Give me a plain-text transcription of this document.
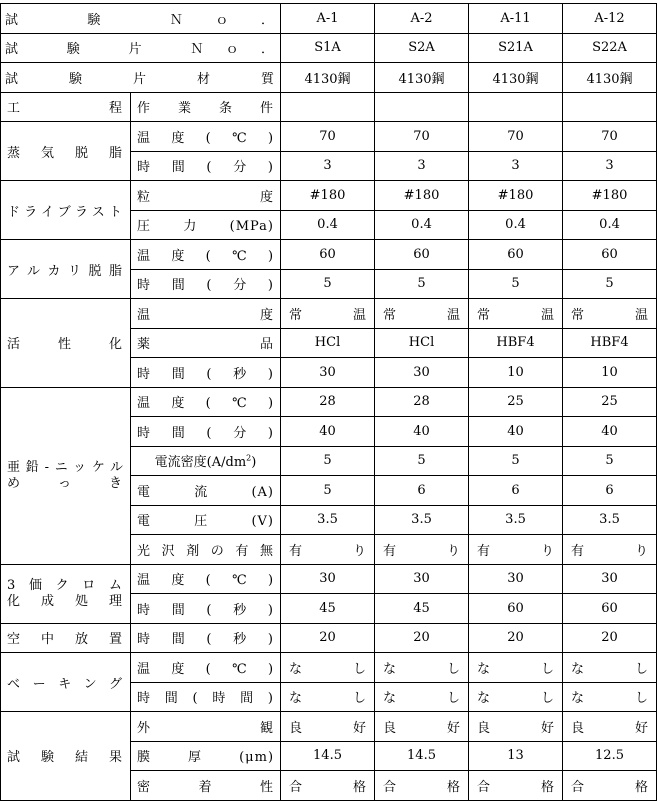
試 験 Ｎｏ．		A-1	A-2	A-11	A-12
試 験 片 Ｎｏ．		S1A	S2A	S21A	S22A
試 験 片 材 質		4130鋼	4130鋼	4130鋼	4130鋼
工　程	作 業 条 件				
蒸気脱脂	温度(℃)	70	70	70	70
	時間(分)	3	3	3	3
ドライブラスト	粒　度	#180	#180	#180	#180
	圧力(MPa)	0.4	0.4	0.4	0.4
アルカリ脱脂	温度(℃)	60	60	60	60
	時間(分)	5	5	5	5
活性化	温　度	常温	常温	常温	常温
	薬　品	HCl	HCl	HBF4	HBF4
	時間(秒)	30	30	10	10

亜鉛-ニッケル
め っ き	温度(℃)	28	28	25	25
	時間(分)	40	40	40	40
	電流密度$(A/dm^2)$	5	5	5	5
	電流(A)	5	6	6	6
	電圧(V)	3.5	3.5	3.5	3.5
	光沢剤の有無	有り	有り	有り	有り

3価クロム
化成処理	温度(℃)	30	30	30	30
	時間(秒)	45	45	60	60
空中放置	時間(秒)	20	20	20	20
ベーキング	温度(℃)	なし	なし	なし	なし
	時間(時間)	なし	なし	なし	なし
試験結果	外　観	良好	良好	良好	良好
	膜厚(μm)	14.5	14.5	13	12.5
	密着性	合格	合格	合格	合格
